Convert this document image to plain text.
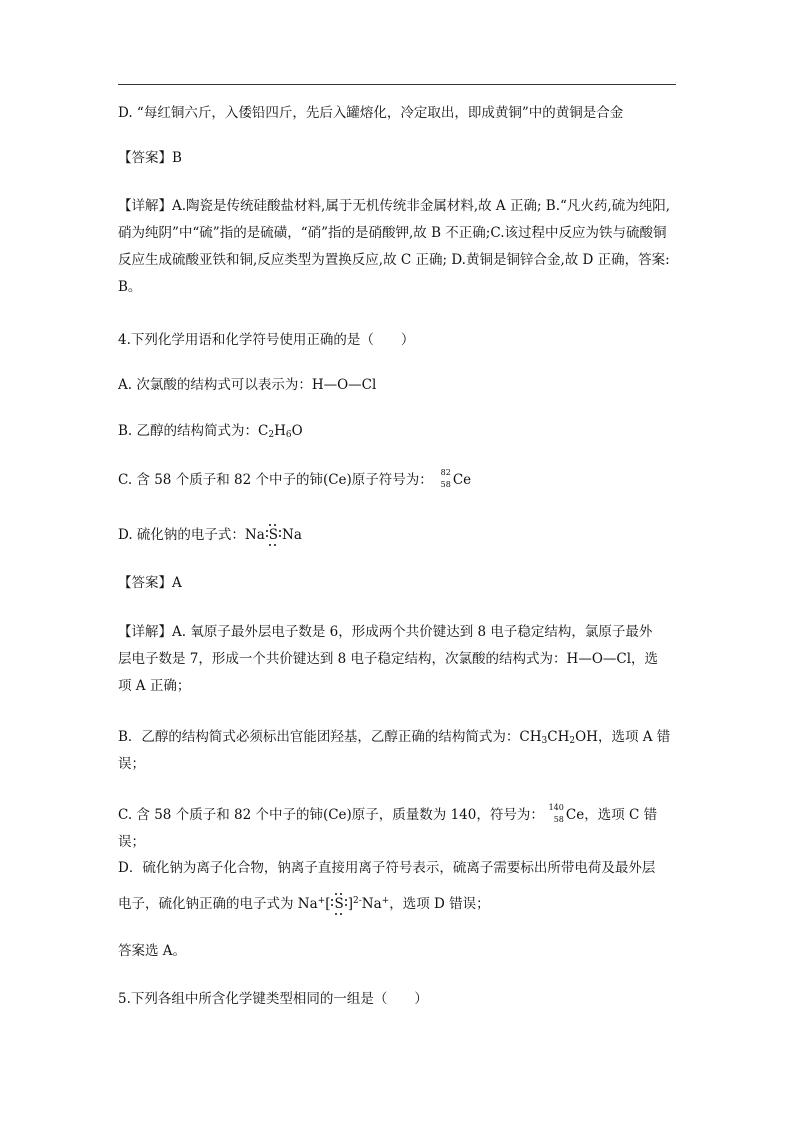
D. “每红铜六斤，入倭铅四斤，先后入罐熔化，冷定取出，即成黄铜”中的黄铜是合金
【答案】B
【详解】A.陶瓷是传统硅酸盐材料,属于无机传统非金属材料,故 A 正确; B.“凡火药,硫为纯阳,
硝为纯阴”中“硫”指的是硫磺，“硝”指的是硝酸钾,故 B 不正确;C.该过程中反应为铁与硫酸铜
反应生成硫酸亚铁和铜,反应类型为置换反应,故 C 正确; D.黄铜是铜锌合金,故 D 正确，答案:
B。
4.下列化学用语和化学符号使用正确的是（　　）
A. 次氯酸的结构式可以表示为：H—O—Cl
B. 乙醇的结构简式为：$C_2H_6O$
C. 含 58 个质子和 82 个中子的铈(Ce)原子符号为： 82
58 Ce
D. 硫化钠的电子式：Na S Na
【答案】A
【详解】A. 氧原子最外层电子数是 6，形成两个共价键达到 8 电子稳定结构，氯原子最外
层电子数是 7，形成一个共价键达到 8 电子稳定结构，次氯酸的结构式为：H—O—Cl，选
项 A 正确；
B．乙醇的结构简式必须标出官能团羟基，乙醇正确的结构简式为：$CH_3CH_2OH$，选项 A 错
误；
C. 含 58 个质子和 82 个中子的铈(Ce)原子，质量数为 140，符号为： 140
58 Ce，选项 C 错误；
D．硫化钠为离子化合物，钠离子直接用离子符号表示，硫离子需要标出所带电荷及最外层
电子，硫化钠正确的电子式为 Na+[ S ]$^{2-}$Na+，选项 D 错误；
答案选 A。
5.下列各组中所含化学键类型相同的一组是（　　）
